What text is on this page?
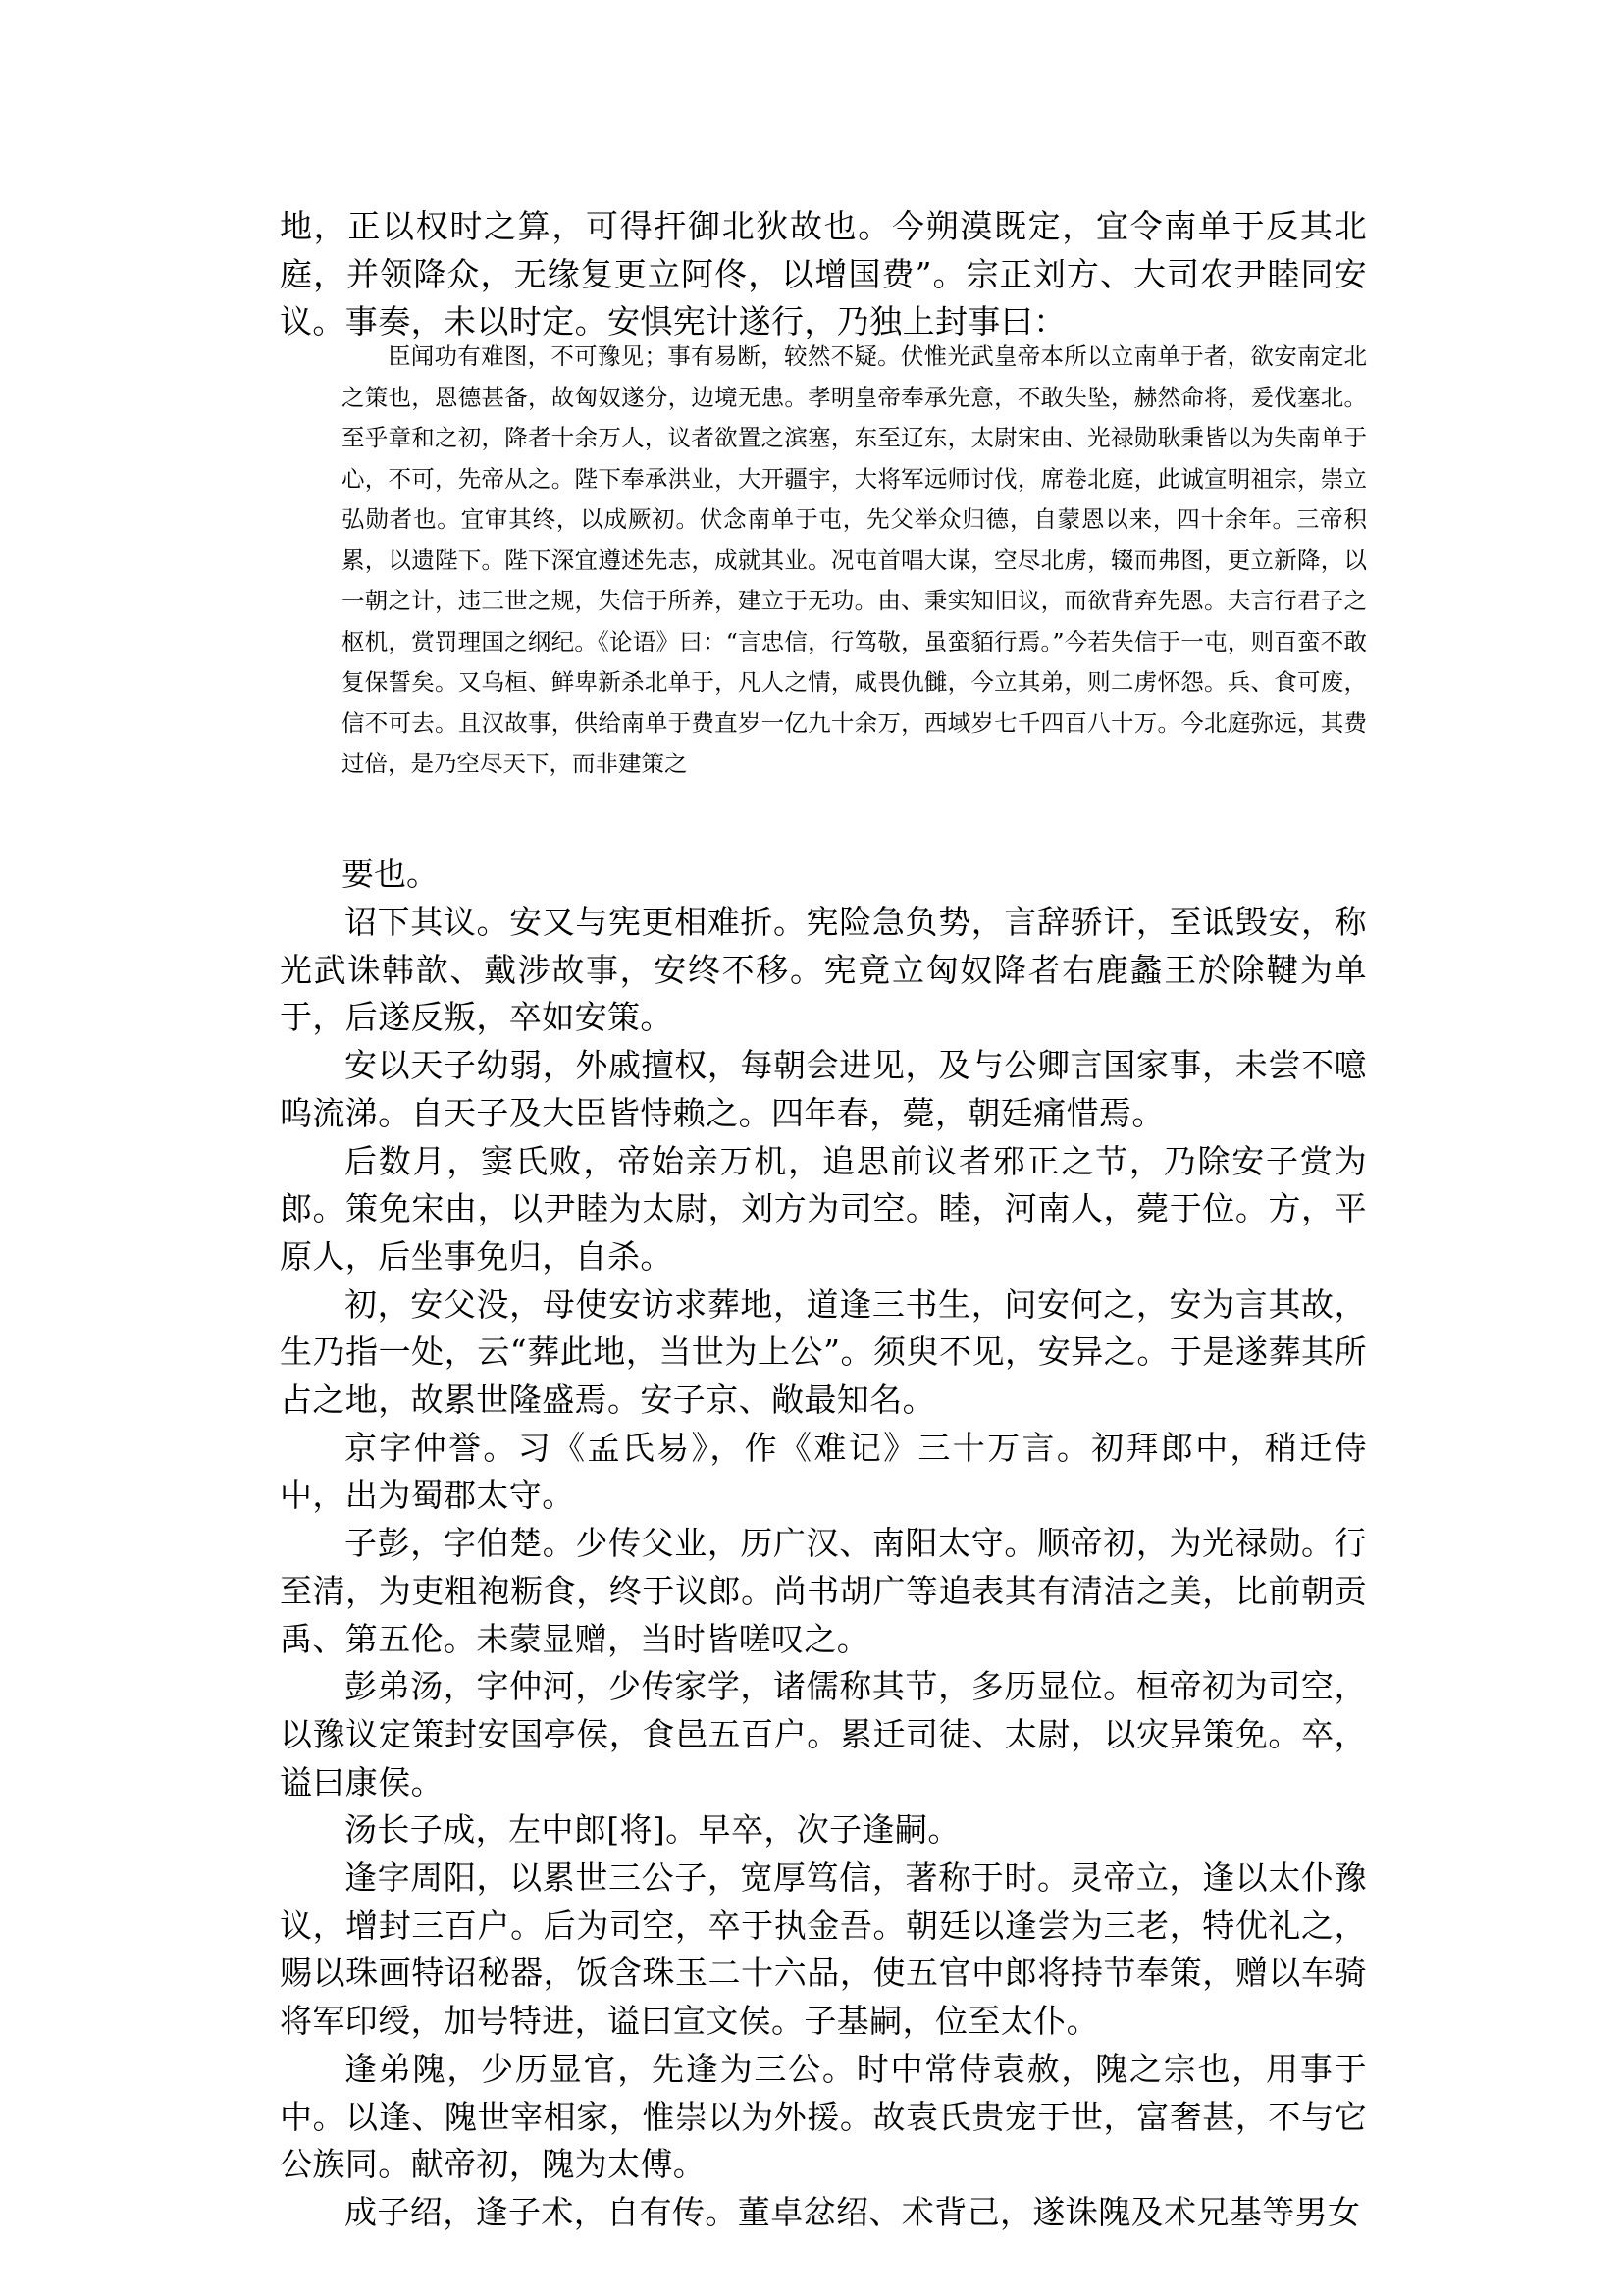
地，正以权时之算，可得扞御北狄故也。今朔漠既定，宜令南单于反其北庭，并领降众，无缘复更立阿佟，以增国费”。宗正刘方、大司农尹睦同安议。事奏，未以时定。安惧宪计遂行，乃独上封事曰：

臣闻功有难图，不可豫见；事有易断，较然不疑。伏惟光武皇帝本所以立南单于者，欲安南定北之策也，恩德甚备，故匈奴遂分，边境无患。孝明皇帝奉承先意，不敢失坠，赫然命将，爰伐塞北。至乎章和之初，降者十余万人，议者欲置之滨塞，东至辽东，太尉宋由、光禄勋耿秉皆以为失南单于心，不可，先帝从之。陛下奉承洪业，大开疆宇，大将军远师讨伐，席卷北庭，此诚宣明祖宗，崇立弘勋者也。宜审其终，以成厥初。伏念南单于屯，先父举众归德，自蒙恩以来，四十余年。三帝积累，以遗陛下。陛下深宜遵述先志，成就其业。况屯首唱大谋，空尽北虏，辍而弗图，更立新降，以一朝之计，违三世之规，失信于所养，建立于无功。由、秉实知旧议，而欲背弃先恩。夫言行君子之枢机，赏罚理国之纲纪。《论语》曰：“言忠信，行笃敬，虽蛮貊行焉。”今若失信于一屯，则百蛮不敢复保誓矣。又乌桓、鲜卑新杀北单于，凡人之情，咸畏仇雠，今立其弟，则二虏怀怨。兵、食可废，信不可去。且汉故事，供给南单于费直岁一亿九十余万，西域岁七千四百八十万。今北庭弥远，其费过倍，是乃空尽天下，而非建策之

要也。

诏下其议。安又与宪更相难折。宪险急负势，言辞骄讦，至诋毁安，称光武诛韩歆、戴涉故事，安终不移。宪竟立匈奴降者右鹿蠡王於除鞬为单于，后遂反叛，卒如安策。

安以天子幼弱，外戚擅权，每朝会进见，及与公卿言国家事，未尝不噫呜流涕。自天子及大臣皆恃赖之。四年春，薨，朝廷痛惜焉。

后数月，窦氏败，帝始亲万机，追思前议者邪正之节，乃除安子赏为郎。策免宋由，以尹睦为太尉，刘方为司空。睦，河南人，薨于位。方，平原人，后坐事免归，自杀。

初，安父没，母使安访求葬地，道逢三书生，问安何之，安为言其故，生乃指一处，云“葬此地，当世为上公”。须臾不见，安异之。于是遂葬其所占之地，故累世隆盛焉。安子京、敞最知名。

京字仲誉。习《孟氏易》，作《难记》三十万言。初拜郎中，稍迁侍中，出为蜀郡太守。

子彭，字伯楚。少传父业，历广汉、南阳太守。顺帝初，为光禄勋。行至清，为吏粗袍粝食，终于议郎。尚书胡广等追表其有清洁之美，比前朝贡禹、第五伦。未蒙显赠，当时皆嗟叹之。

彭弟汤，字仲河，少传家学，诸儒称其节，多历显位。桓帝初为司空，以豫议定策封安国亭侯，食邑五百户。累迁司徒、太尉，以灾异策免。卒，谥曰康侯。

汤长子成，左中郎[将]。早卒，次子逢嗣。

逢字周阳，以累世三公子，宽厚笃信，著称于时。灵帝立，逢以太仆豫议，增封三百户。后为司空，卒于执金吾。朝廷以逢尝为三老，特优礼之，赐以珠画特诏秘器，饭含珠玉二十六品，使五官中郎将持节奉策，赠以车骑将军印绶，加号特进，谥曰宣文侯。子基嗣，位至太仆。

逢弟隗，少历显官，先逢为三公。时中常侍袁赦，隗之宗也，用事于中。以逢、隗世宰相家，惟崇以为外援。故袁氏贵宠于世，富奢甚，不与它公族同。献帝初，隗为太傅。

成子绍，逢子术，自有传。董卓忿绍、术背己，遂诛隗及术兄基等男女
